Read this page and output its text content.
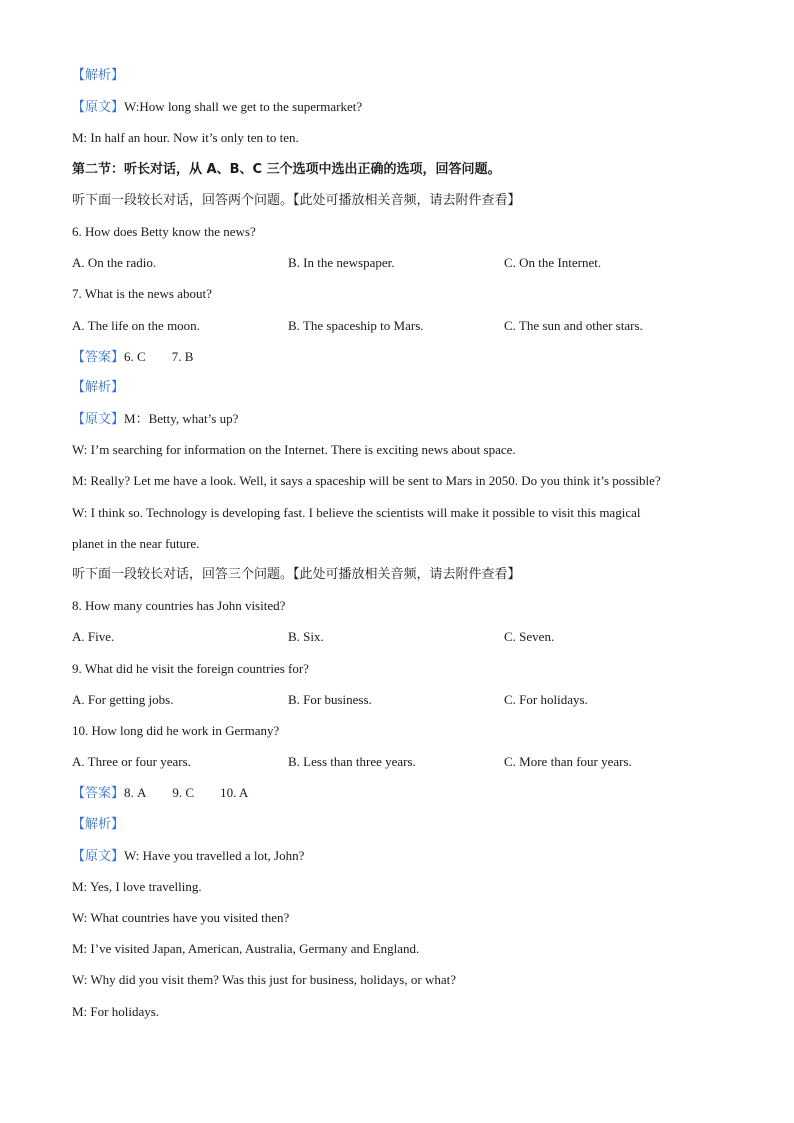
【解析】
【原文】W:How long shall we get to the supermarket?
M: In half an hour. Now it’s only ten to ten.
第二节：听长对话，从 A、B、C 三个选项中选出正确的选项，回答问题。
听下面一段较长对话，回答两个问题。【此处可播放相关音频，请去附件查看】
6. How does Betty know the news?
A. On the radio.	B. In the newspaper.	C. On the Internet.
7. What is the news about?
A. The life on the moon.	B. The spaceship to Mars.	C. The sun and other stars.
【答案】6. C 7. B
【解析】
【原文】M：Betty, what’s up?
W: I’m searching for information on the Internet. There is exciting news about space.
M: Really? Let me have a look. Well, it says a spaceship will be sent to Mars in 2050. Do you think it’s possible?
W: I think so. Technology is developing fast. I believe the scientists will make it possible to visit this magical
planet in the near future.
听下面一段较长对话，回答三个问题。【此处可播放相关音频，请去附件查看】
8. How many countries has John visited?
A. Five.	B. Six.	C. Seven.
9. What did he visit the foreign countries for?
A. For getting jobs.	B. For business.	C. For holidays.
10. How long did he work in Germany?
A. Three or four years.	B. Less than three years.	C. More than four years.
【答案】8. A 9. C 10. A
【解析】
【原文】W: Have you travelled a lot, John?
M: Yes, I love travelling.
W: What countries have you visited then?
M: I’ve visited Japan, American, Australia, Germany and England.
W: Why did you visit them? Was this just for business, holidays, or what?
M: For holidays.
